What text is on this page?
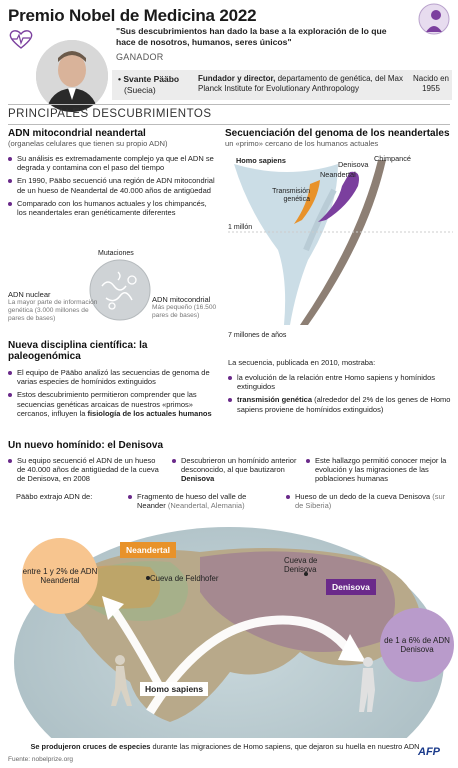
Premio Nobel de Medicina 2022
"Sus descubrimientos han dado la base a la exploración de lo que hace de nosotros, humanos, seres únicos"
GANADOR
• Svante Pääbo
(Suecia)
Fundador y director, departamento de genética, del Max Planck Institute for Evolutionary Anthropology
Nacido en 1955
PRINCIPALES DESCUBRIMIENTOS
ADN mitocondrial neandertal
(organelas celulares que tienen su propio ADN)
Su análisis es extremadamente complejo ya que el ADN se degrada y contamina con el paso del tiempo
En 1990, Pääbo secuenció una región de ADN mitocondrial de un hueso de Neandertal de 40.000 años de antigüedad
Comparado con los humanos actuales y los chimpancés, los neandertales eran genéticamente diferentes
Mutaciones
ADN nuclear
La mayor parte de información genética (3.000 millones de pares de bases)
ADN mitocondrial
Más pequeño (16.500 pares de bases)
Secuenciación del genoma de los neandertales
un «primo» cercano de los humanos actuales
Homo sapiens
Neandertal
Denisova
Chimpancé
Transmisión genética
1 millón
7 millones de años
Nueva disciplina científica: la paleogenómica
El equipo de Pääbo analizó las secuencias de genoma de varias especies de homínidos extinguidos
Estos descubrimiento permitieron comprender que las secuencias genéticas arcaicas de nuestros «primos» cercanos, influyen la fisiología de los actuales humanos
La secuencia, publicada en 2010, mostraba:
la evolución de la relación entre Homo sapiens y homínidos extinguidos
transmisión genética (alrededor del 2% de los genes de Homo sapiens proviene de homínidos extinguidos)
Un nuevo homínido: el Denisova
Su equipo secuenció el ADN de un hueso de 40.000 años de antigüedad de la cueva de Denisova, en 2008
Descubrieron un homínido anterior desconocido, al que bautizaron Denisova
Este hallazgo permitió conocer mejor la evolución y las migraciones de las poblaciones humanas
Pääbo extrajo ADN de:	Fragmento de hueso del valle de Neander (Neandertal, Alemania)
Hueso de un dedo de la cueva Denisova (sur de Siberia)
Neandertal
Denisova
entre 1 y 2% de ADN Neandertal
de 1 a 6% de ADN Denisova
Cueva de Feldhofer
Cueva de Denisova
Homo sapiens
Se produjeron cruces de especies durante las migraciones de Homo sapiens, que dejaron su huella en nuestro ADN
Fuente: nobelprize.org
AFP
